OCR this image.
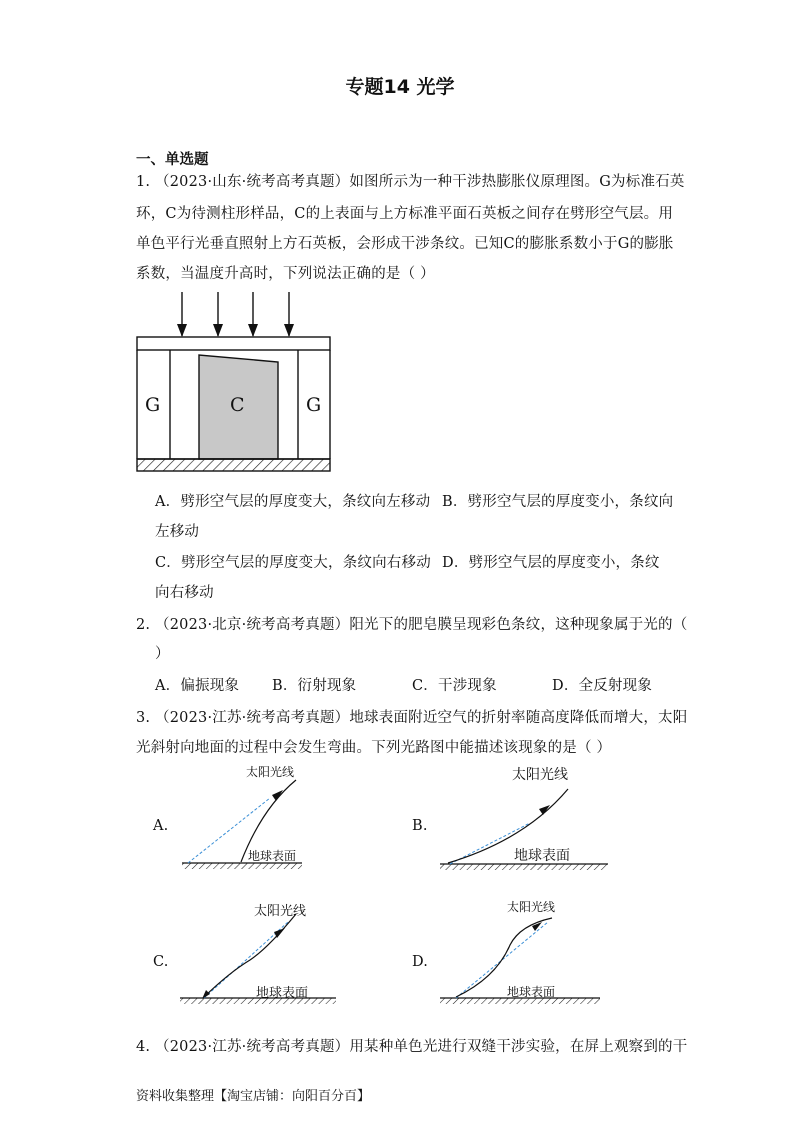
专题14 光学
一、单选题
1. （2023·山东·统考高考真题）如图所示为一种干涉热膨胀仪原理图。G为标准石英
环，C为待测柱形样品，C的上表面与上方标准平面石英板之间存在劈形空气层。用
单色平行光垂直照射上方石英板，会形成干涉条纹。已知C的膨胀系数小于G的膨胀
系数，当温度升高时，下列说法正确的是（ ）
G	C	G
A．劈形空气层的厚度变大，条纹向左移动 B．劈形空气层的厚度变小，条纹向
左移动
C．劈形空气层的厚度变大，条纹向右移动 D．劈形空气层的厚度变小，条纹
向右移动
2. （2023·北京·统考高考真题）阳光下的肥皂膜呈现彩色条纹，这种现象属于光的（
）
A．偏振现象 B．衍射现象	C．干涉现象	D．全反射现象
3. （2023·江苏·统考高考真题）地球表面附近空气的折射率随高度降低而增大，太阳
光斜射向地面的过程中会发生弯曲。下列光路图中能描述该现象的是（ ）
A.
太阳光线
地球表面
B.
太阳光线
地球表面
C.
太阳光线
地球表面
D.
太阳光线
地球表面
4. （2023·江苏·统考高考真题）用某种单色光进行双缝干涉实验，在屏上观察到的干
资料收集整理【淘宝店铺：向阳百分百】
